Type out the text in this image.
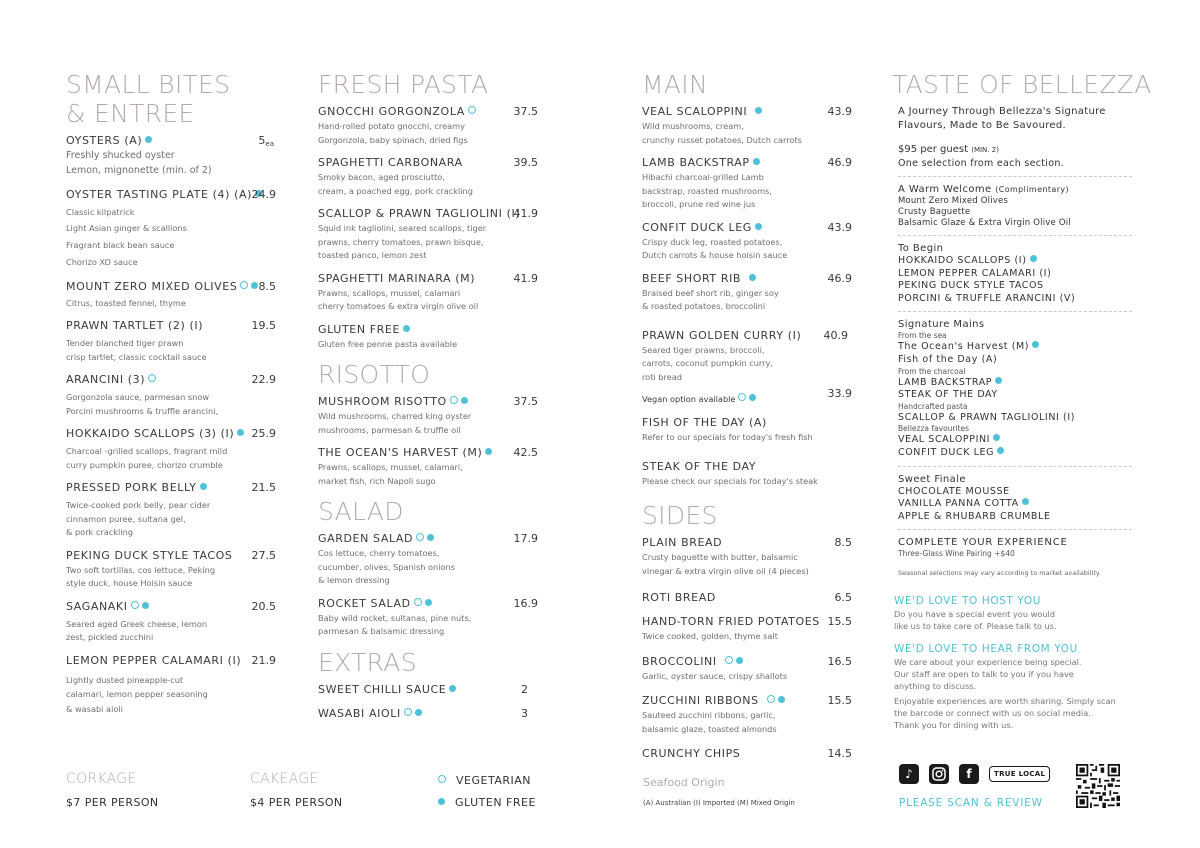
SMALL BITES
& ENTREE
OYSTERS (A)	5ea
Freshly shucked oyster
Lemon, mignonette (min. of 2)
OYSTER TASTING PLATE (4) (A) 24.9
Classic kilpatrick
Light Asian ginger & scallions
Fragrant black bean sauce
Chorizo XO sauce
MOUNT ZERO MIXED OLIVES	8.5
Citrus, toasted fennel, thyme
PRAWN TARTLET (2) (I)	19.5
Tender blanched tiger prawn
crisp tartlet, classic cocktail sauce
ARANCINI (3)	22.9
Gorgonzola sauce, parmesan snow
Porcini mushrooms & truffle arancini,
HOKKAIDO SCALLOPS (3) (I)	25.9
Charcoal -grilled scallops, fragrant mild
curry pumpkin puree, chorizo crumble
PRESSED PORK BELLY	21.5
Twice-cooked pork belly, pear cider
cinnamon puree, sultana gel,
& pork crackling
PEKING DUCK STYLE TACOS	27.5
Two soft tortillas, cos lettuce, Peking
style duck, house Hoisin sauce
SAGANAKI	20.5
Seared aged Greek cheese, lemon
zest, pickled zucchini
LEMON PEPPER CALAMARI (I) 21.9
Lightly dusted pineapple-cut
calamari, lemon pepper seasoning
& wasabi aioli
FRESH PASTA
GNOCCHI GORGONZOLA	37.5
Hand-rolled potato gnocchi, creamy
Gorgonzola, baby spinach, dried figs
SPAGHETTI CARBONARA	39.5
Smoky bacon, aged prosciutto,
cream, a poached egg, pork crackling
SCALLOP & PRAWN TAGLIOLINI (I)
41.9
Squid ink tagliolini, seared scallops, tiger
prawns, cherry tomatoes, prawn bisque,
toasted panco, lemon zest
SPAGHETTI MARINARA (M)	41.9
Prawns, scallops, mussel, calamari
cherry tomatoes & extra virgin olive oil
GLUTEN FREE
Gluten free penne pasta available
RISOTTO
MUSHROOM RISOTTO	37.5
Wild mushrooms, charred king oyster
mushrooms, parmesan & truffle oil
THE OCEAN'S HARVEST (M)	42.5
Prawns, scallops, mussel, calamari,
market fish, rich Napoli sugo
SALAD
GARDEN SALAD	17.9
Cos lettuce, cherry tomatoes,
cucumber, olives, Spanish onions
& lemon dressing
ROCKET SALAD	16.9
Baby wild rocket, sultanas, pine nuts,
parmesan & balsamic dressing
EXTRAS
SWEET CHILLI SAUCE	2
WASABI AIOLI	3
MAIN
VEAL SCALOPPINI	43.9
Wild mushrooms, cream,
crunchy russet potatoes, Dutch carrots
LAMB BACKSTRAP	46.9
Hibachi charcoal-grilled Lamb
backstrap, roasted mushrooms,
broccoli, prune red wine jus
CONFIT DUCK LEG	43.9
Crispy duck leg, roasted potatoes,
Dutch carrots & house hoisin sauce
BEEF SHORT RIB	46.9
Braised beef short rib, ginger soy
& roasted potatoes, broccolini
PRAWN GOLDEN CURRY (I)	40.9
Seared tiger prawns, broccoli,
carrots, coconut pumpkin curry,
roti bread
Vegan option available	33.9
FISH OF THE DAY (A)
Refer to our specials for today's fresh fish
STEAK OF THE DAY
Please check our specials for today's steak
SIDES
PLAIN BREAD	8.5
Crusty baguette with butter, balsamic
vinegar & extra virgin olive oil (4 pieces)
ROTI BREAD	6.5
HAND-TORN FRIED POTATOES 15.5
Twice cooked, golden, thyme salt
BROCCOLINI	16.5
Garlic, oyster sauce, crispy shallots
ZUCCHINI RIBBONS	15.5
Sauteed zucchini ribbons, garlic,
balsamic glaze, toasted almonds
CRUNCHY CHIPS	14.5
TASTE OF BELLEZZA
A Journey Through Bellezza's Signature
Flavours, Made to Be Savoured.
$95 per guest (MIN. 2)
One selection from each section.
A Warm Welcome (Complimentary)
Mount Zero Mixed Olives
Crusty Baguette
Balsamic Glaze & Extra Virgin Olive Oil
To Begin
HOKKAIDO SCALLOPS (I)
LEMON PEPPER CALAMARI (I)
PEKING DUCK STYLE TACOS
PORCINI & TRUFFLE ARANCINI (V)
Signature Mains
From the sea
The Ocean's Harvest (M)
Fish of the Day (A)
From the charcoal
LAMB BACKSTRAP
STEAK OF THE DAY
Handcrafted pasta
SCALLOP & PRAWN TAGLIOLINI (I)
Bellezza favourites
VEAL SCALOPPINI
CONFIT DUCK LEG
Sweet Finale
CHOCOLATE MOUSSE
VANILLA PANNA COTTA
APPLE & RHUBARB CRUMBLE
COMPLETE YOUR EXPERIENCE
Three-Glass Wine Pairing +$40
Seasonal selections may vary according to market availability.
WE'D LOVE TO HOST YOU
Do you have a special event you would
like us to take care of. Please talk to us.
WE'D LOVE TO HEAR FROM YOU
We care about your experience being special.
Our staff are open to talk to you if you have
anything to discuss.
Enjoyable experiences are worth sharing. Simply scan
the barcode or connect with us on social media.
Thank you for dining with us.
CORKAGE
$7 PER PERSON
CAKEAGE
$4 PER PERSON
VEGETARIAN
GLUTEN FREE
Seafood Origin
(A) Australian (I) Imported (M) Mixed Origin
♪	f	TRUE LOCAL
PLEASE SCAN & REVIEW
